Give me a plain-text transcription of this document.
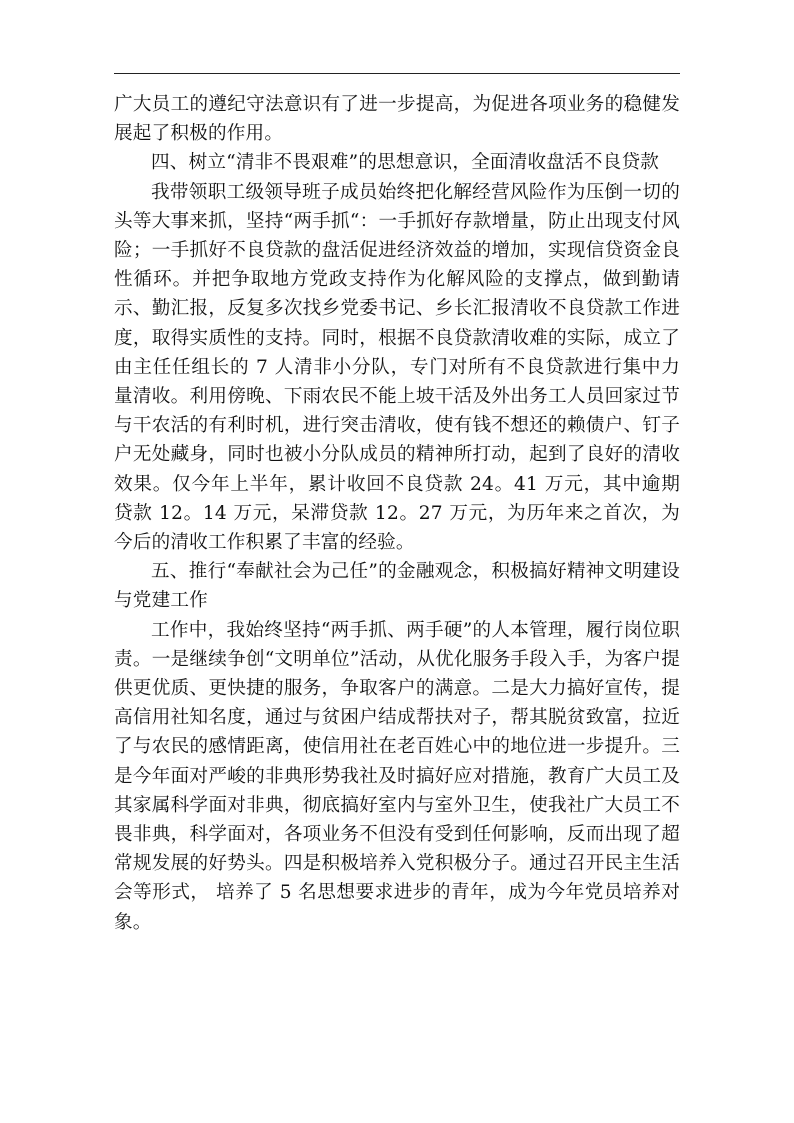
广大员工的遵纪守法意识有了进一步提高，为促进各项业务的稳健发展起了积极的作用。

四、树立“清非不畏艰难”的思想意识，全面清收盘活不良贷款

我带领职工级领导班子成员始终把化解经营风险作为压倒一切的头等大事来抓，坚持“两手抓“：一手抓好存款增量，防止出现支付风险；一手抓好不良贷款的盘活促进经济效益的增加，实现信贷资金良性循环。并把争取地方党政支持作为化解风险的支撑点，做到勤请示、勤汇报，反复多次找乡党委书记、乡长汇报清收不良贷款工作进度，取得实质性的支持。同时，根据不良贷款清收难的实际，成立了由主任任组长的 7 人清非小分队，专门对所有不良贷款进行集中力量清收。利用傍晚、下雨农民不能上坡干活及外出务工人员回家过节与干农活的有利时机，进行突击清收，使有钱不想还的赖债户、钉子户无处藏身，同时也被小分队成员的精神所打动，起到了良好的清收效果。仅今年上半年，累计收回不良贷款 24。41 万元，其中逾期贷款 12。14 万元，呆滞贷款 12。27 万元，为历年来之首次，为今后的清收工作积累了丰富的经验。

五、推行“奉献社会为己任”的金融观念，积极搞好精神文明建设与党建工作

工作中，我始终坚持“两手抓、两手硬”的人本管理，履行岗位职责。一是继续争创“文明单位”活动，从优化服务手段入手，为客户提供更优质、更快捷的服务，争取客户的满意。二是大力搞好宣传，提高信用社知名度，通过与贫困户结成帮扶对子，帮其脱贫致富，拉近了与农民的感情距离，使信用社在老百姓心中的地位进一步提升。三是今年面对严峻的非典形势我社及时搞好应对措施，教育广大员工及其家属科学面对非典，彻底搞好室内与室外卫生，使我社广大员工不畏非典，科学面对，各项业务不但没有受到任何影响，反而出现了超常规发展的好势头。四是积极培养入党积极分子。通过召开民主生活会等形式， 培养了 5 名思想要求进步的青年，成为今年党员培养对象。
